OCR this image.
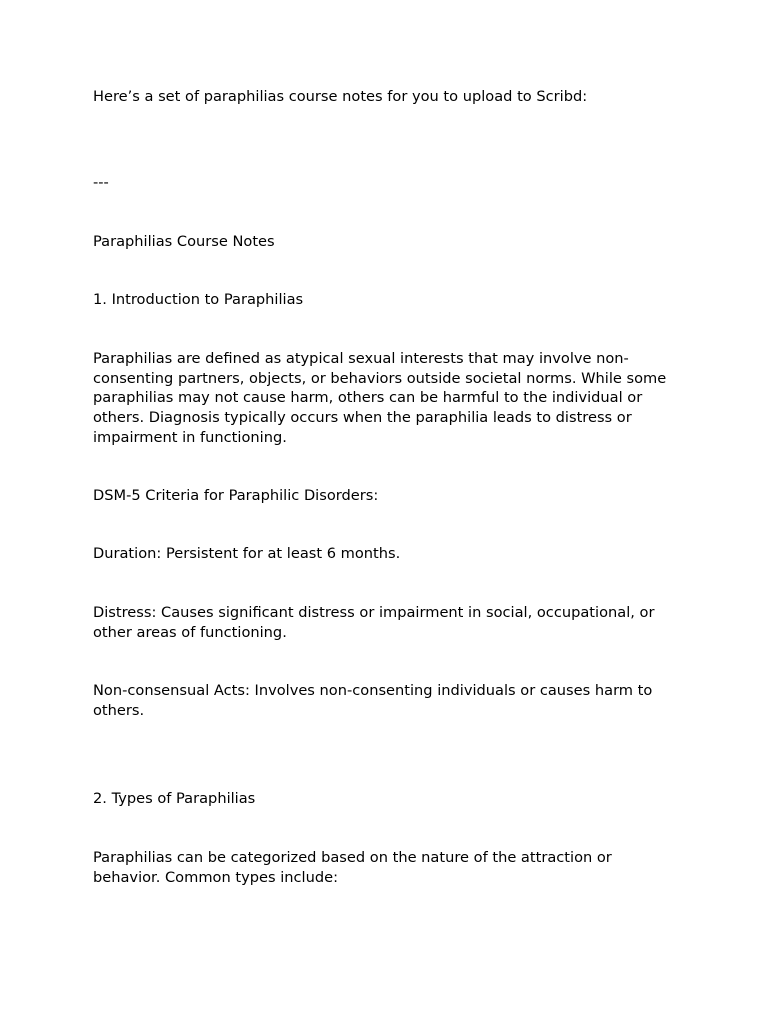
Here’s a set of paraphilias course notes for you to upload to Scribd:

---

Paraphilias Course Notes

1. Introduction to Paraphilias

Paraphilias are defined as atypical sexual interests that may involve non-consenting partners, objects, or behaviors outside societal norms. While some paraphilias may not cause harm, others can be harmful to the individual or others. Diagnosis typically occurs when the paraphilia leads to distress or impairment in functioning.

DSM-5 Criteria for Paraphilic Disorders:

Duration: Persistent for at least 6 months.

Distress: Causes significant distress or impairment in social, occupational, or other areas of functioning.

Non-consensual Acts: Involves non-consenting individuals or causes harm to others.

2. Types of Paraphilias

Paraphilias can be categorized based on the nature of the attraction or behavior. Common types include:
